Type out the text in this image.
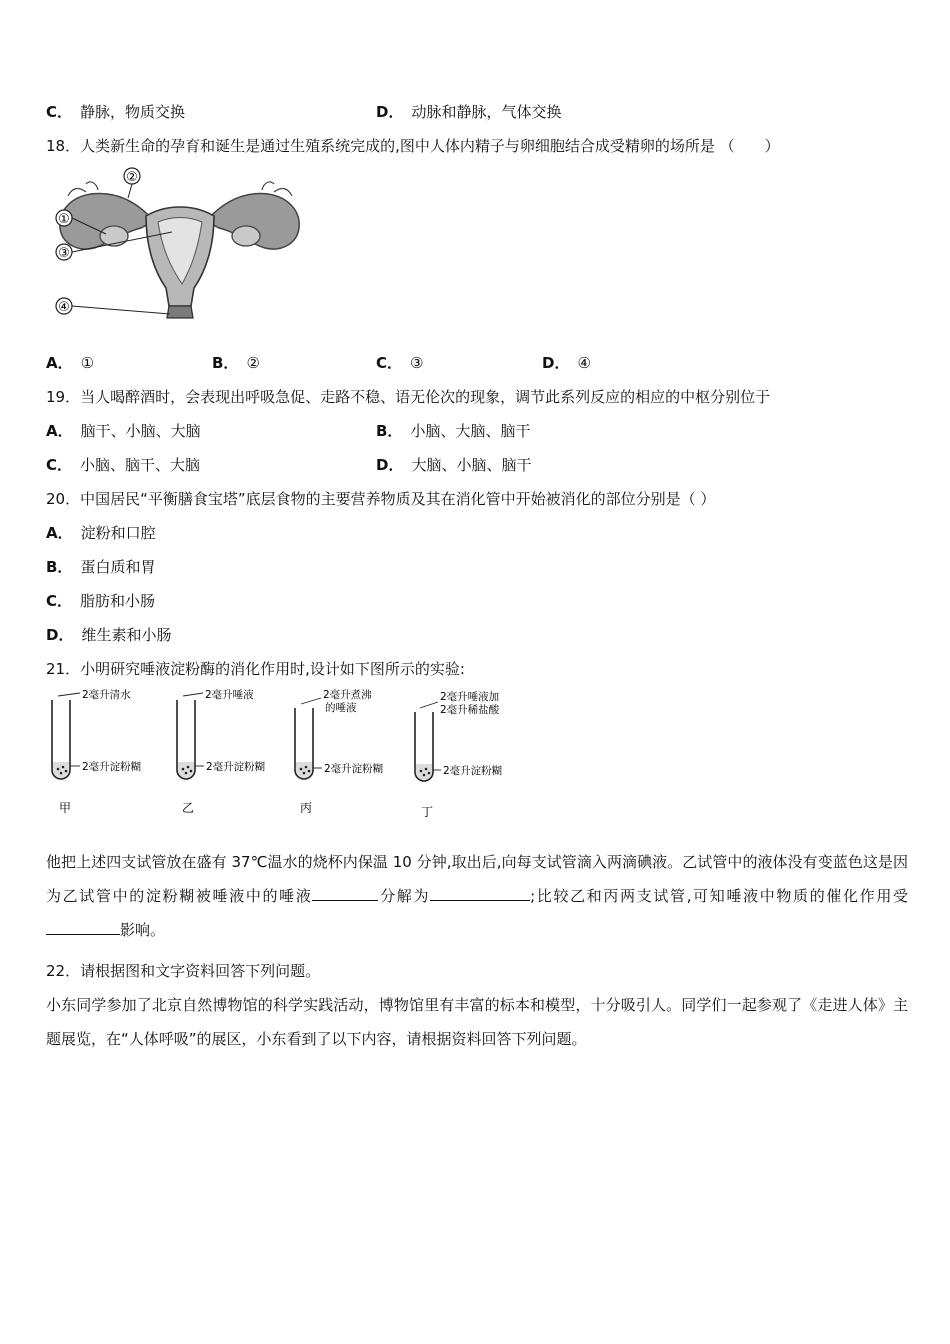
C． 静脉，物质交换	D． 动脉和静脉，气体交换
18．人类新生命的孕育和诞生是通过生殖系统完成的,图中人体内精子与卵细胞结合成受精卵的场所是 （　　）
②
①
③
④
A． ①	B． ②	C． ③	D． ④
19．当人喝醉酒时，会表现出呼吸急促、走路不稳、语无伦次的现象，调节此系列反应的相应的中枢分别位于
A． 脑干、小脑、大脑	B． 小脑、大脑、脑干
C． 小脑、脑干、大脑	D． 大脑、小脑、脑干
20．中国居民“平衡膳食宝塔”底层食物的主要营养物质及其在消化管中开始被消化的部位分别是（ ）
A． 淀粉和口腔
B． 蛋白质和胃
C． 脂肪和小肠
D． 维生素和小肠
21．小明研究唾液淀粉酶的消化作用时,设计如下图所示的实验:
2毫升清水
2毫升淀粉糊
甲
2毫升唾液
2毫升淀粉糊
乙
2毫升煮沸
的唾液
2毫升淀粉糊
丙
2毫升唾液加
2毫升稀盐酸
2毫升淀粉糊
丁
他把上述四支试管放在盛有 37℃温水的烧杯内保温 10 分钟,取出后,向每支试管滴入两滴碘液。乙试管中的液体没有变蓝色这是因为乙试管中的淀粉糊被唾液中的唾液	分解为	;比较乙和丙两支试管,可知唾液中物质的催化作用受影响。
22．请根据图和文字资料回答下列问题。
小东同学参加了北京自然博物馆的科学实践活动，博物馆里有丰富的标本和模型，十分吸引人。同学们一起参观了《走进人体》主题展览，在“人体呼吸”的展区，小东看到了以下内容，请根据资料回答下列问题。
